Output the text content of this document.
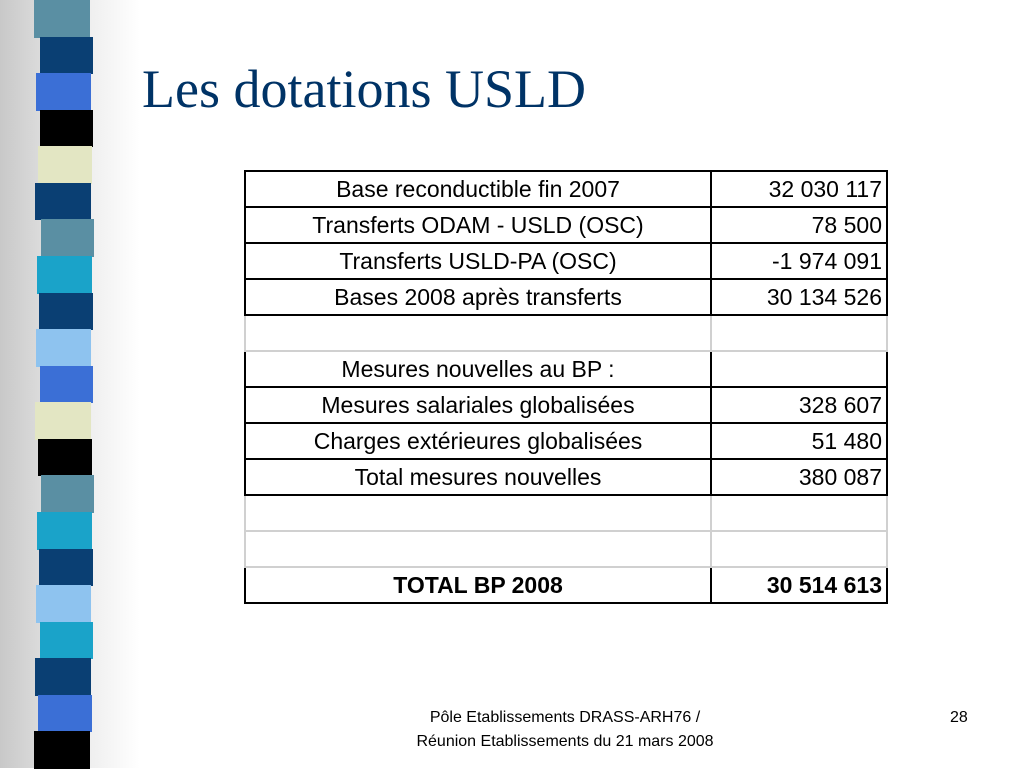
Les dotations USLD
Base reconductible fin 2007	32 030 117
Transferts ODAM - USLD (OSC)	78 500
Transferts USLD-PA (OSC)	-1 974 091
Bases 2008 après transferts	30 134 526

Mesures nouvelles au BP :	
Mesures salariales globalisées	328 607
Charges extérieures globalisées	51 480
Total mesures nouvelles	380 087

TOTAL BP 2008	30 514 613
Pôle Etablissements DRASS-ARH76 / Réunion Etablissements du 21 mars 2008
28
